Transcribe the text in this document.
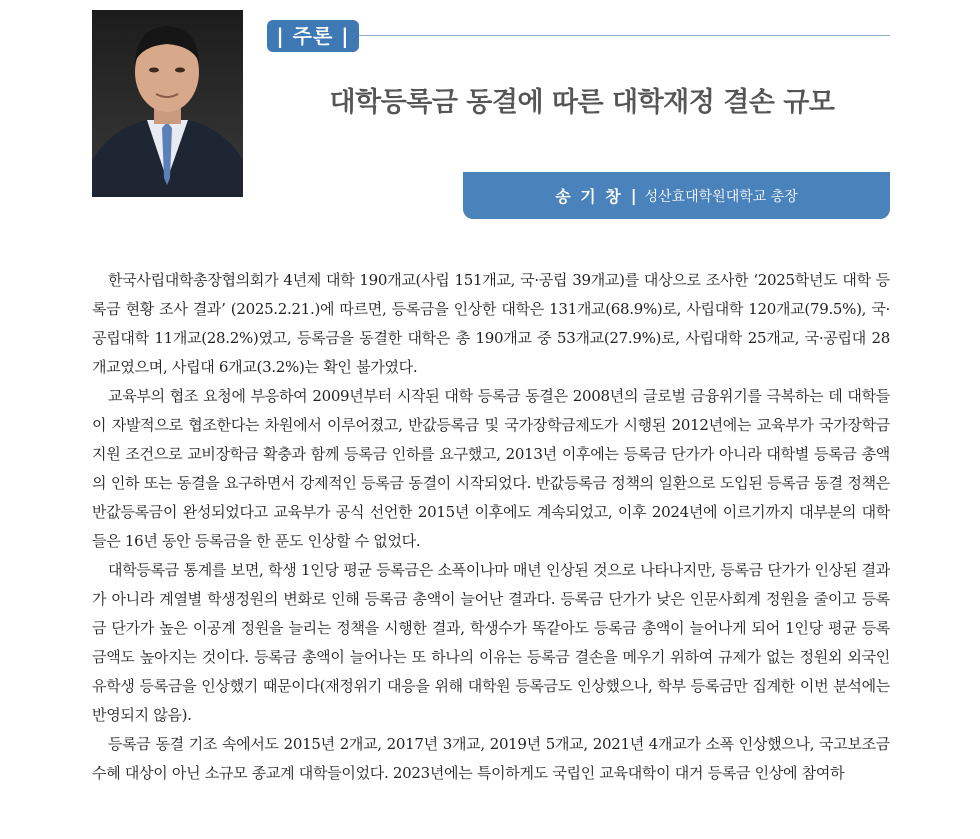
| 주론 |
대학등록금 동결에 따른 대학재정 결손 규모
송 기 창 | 성산효대학원대학교 총장

한국사립대학총장협의회가 4년제 대학 190개교(사립 151개교, 국·공립 39개교)를 대상으로 조사한 ‘2025학년도 대학 등록금 현황 조사 결과’ (2025.2.21.)에 따르면, 등록금을 인상한 대학은 131개교(68.9%)로, 사립대학 120개교(79.5%), 국·공립대학 11개교(28.2%)였고, 등록금을 동결한 대학은 총 190개교 중 53개교(27.9%)로, 사립대학 25개교, 국·공립대 28개교였으며, 사립대 6개교(3.2%)는 확인 불가였다.

교육부의 협조 요청에 부응하여 2009년부터 시작된 대학 등록금 동결은 2008년의 글로벌 금융위기를 극복하는 데 대학들이 자발적으로 협조한다는 차원에서 이루어졌고, 반값등록금 및 국가장학금제도가 시행된 2012년에는 교육부가 국가장학금 지원 조건으로 교비장학금 확충과 함께 등록금 인하를 요구했고, 2013년 이후에는 등록금 단가가 아니라 대학별 등록금 총액의 인하 또는 동결을 요구하면서 강제적인 등록금 동결이 시작되었다. 반값등록금 정책의 일환으로 도입된 등록금 동결 정책은 반값등록금이 완성되었다고 교육부가 공식 선언한 2015년 이후에도 계속되었고, 이후 2024년에 이르기까지 대부분의 대학들은 16년 동안 등록금을 한 푼도 인상할 수 없었다.

대학등록금 통계를 보면, 학생 1인당 평균 등록금은 소폭이나마 매년 인상된 것으로 나타나지만, 등록금 단가가 인상된 결과가 아니라 계열별 학생정원의 변화로 인해 등록금 총액이 늘어난 결과다. 등록금 단가가 낮은 인문사회계 정원을 줄이고 등록금 단가가 높은 이공계 정원을 늘리는 정책을 시행한 결과, 학생수가 똑같아도 등록금 총액이 늘어나게 되어 1인당 평균 등록금액도 높아지는 것이다. 등록금 총액이 늘어나는 또 하나의 이유는 등록금 결손을 메우기 위하여 규제가 없는 정원외 외국인 유학생 등록금을 인상했기 때문이다(재정위기 대응을 위해 대학원 등록금도 인상했으나, 학부 등록금만 집계한 이번 분석에는 반영되지 않음).

등록금 동결 기조 속에서도 2015년 2개교, 2017년 3개교, 2019년 5개교, 2021년 4개교가 소폭 인상했으나, 국고보조금 수혜 대상이 아닌 소규모 종교계 대학들이었다. 2023년에는 특이하게도 국립인 교육대학이 대거 등록금 인상에 참여하
